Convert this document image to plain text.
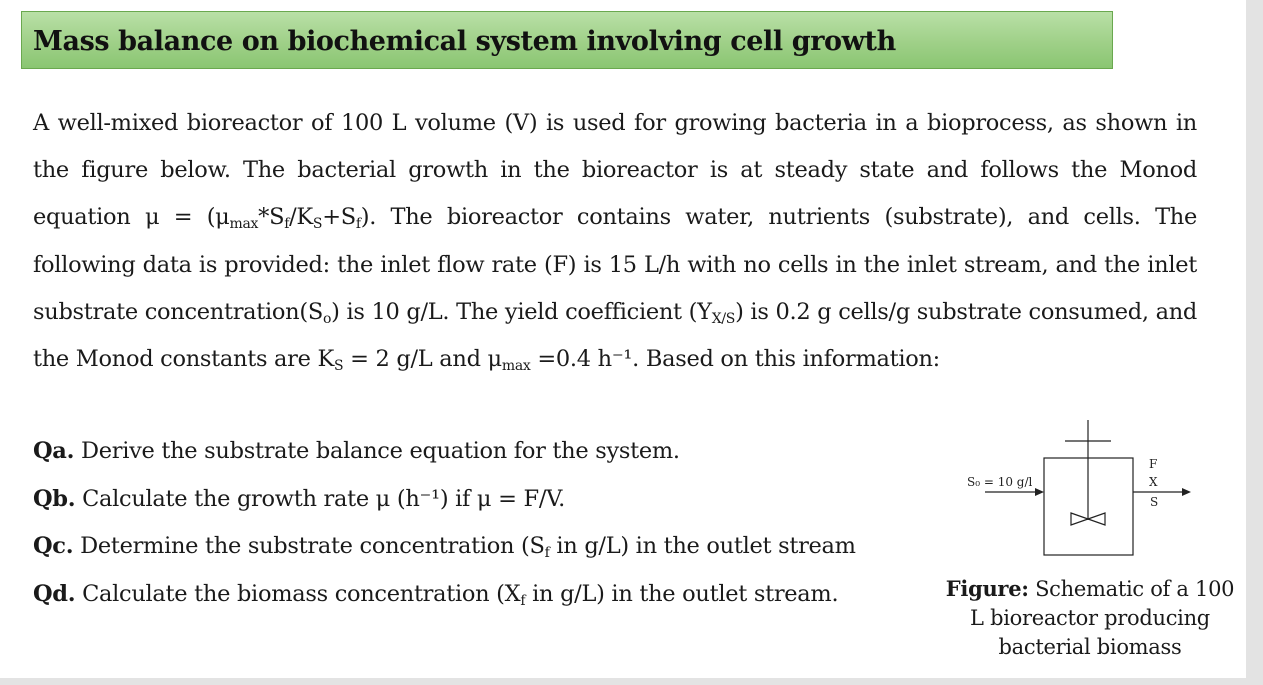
Mass balance on biochemical system involving cell growth
A well-mixed bioreactor of 100 L volume (V) is used for growing bacteria in a bioprocess, as shown in the figure below. The bacterial growth in the bioreactor is at steady state and follows the Monod equation $\mu = (\mu_{max}*S_f/K_S+S_f)$. The bioreactor contains water, nutrients (substrate), and cells. The following data is provided: the inlet flow rate (F) is 15 L/h with no cells in the inlet stream, and the inlet substrate $concentration(S_o)$ is 10 g/L. The yield coefficient $(Y_{X/S})$ is 0.2 g cells/g substrate consumed, and the Monod constants are $K_S = 2$ g/L and $\mu_{max} =0.4$ h⁻¹. Based on this information:
Qa. Derive the substrate balance equation for the system.
Qb. Calculate the growth rate μ (h⁻¹) if μ = F/V.
Qc. Determine the substrate concentration ($S_f$ in g/L) in the outlet stream
Qd. Calculate the biomass concentration ($X_f$ in g/L) in the outlet stream.
S₀ = 10 g/l
F
X
S
Figure: Schematic of a 100 L bioreactor producing bacterial biomass
